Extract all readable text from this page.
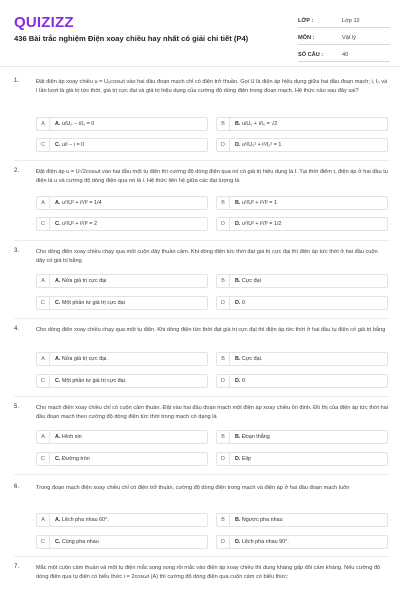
QUIZIZZ
436 Bài trắc nghiệm Điện xoay chiều hay nhất có giải chi tiết (P4)
LỚP :	Lớp 12
MÔN :	Vật lý
SỐ CÂU :	40
1.	Đặt điện áp xoay chiều u = U₀cosωt vào hai đầu đoạn mạch chỉ có điện trở thuần. Gọi U là điện áp hiệu dụng giữa hai đầu đoạn mạch; i, I₀ và I lần lượt là giá trị tức thời, giá trị cực đại và giá trị hiệu dụng của cường độ dòng điện trong đoạn mạch. Hệ thức nào sau đây sai?
A	A. u/U₀ − i/I₀ = 0	B	B. u/U₀ + i/I₀ = √2
C	C. u/i − i = 0	D	D. u²/U₀² + i²/I₀² = 1
2.	Đặt điện áp u = U√2cosωt vào hai đầu một tụ điện thì cường độ dòng điện qua nó có giá trị hiệu dụng là I. Tại thời điểm t, điện áp ở hai đầu tụ điện là u và cường độ dòng điện qua nó là i. Hệ thức liên hệ giữa các đại lượng là
A	A. u²/U² + i²/I² = 1/4	B	B. u²/U² + i²/I² = 1
C	C. u²/U² + i²/I² = 2	D	D. u²/U² + i²/I² = 1/2
3.	Cho dòng điện xoay chiều chạy qua một cuộn dây thuần cảm. Khi dòng điện tức thời đạt giá trị cực đại thì điện áp tức thời ở hai đầu cuộn dây có giá trị bằng
A	A. Nửa giá trị cực đại	B	B. Cực đại
C	C. Một phần tư giá trị cực đại	D	D. 0
4.	Cho dòng điện xoay chiều chạy qua một tụ điện. Khi dòng điện tức thời đạt giá trị cực đại thì điện áp tức thời ở hai đầu tụ điện có giá trị bằng
A	A. Nửa giá trị cực đại.	B	B. Cực đại.
C	C. Một phần tư giá trị cực đại.	D	D. 0
5.	Cho mạch điện xoay chiều chỉ có cuộn cảm thuần. Đặt vào hai đầu đoạn mạch một điện áp xoay chiều ổn định. Đồ thị của điện áp tức thời hai đầu đoạn mạch theo cường độ dòng điện tức thời trong mạch có dạng là
A	A. Hình sin	B	B. Đoạn thẳng
C	C. Đường tròn	D	D. Elip
6.	Trong đoạn mạch điện xoay chiều chỉ có điện trở thuần, cường độ dòng điện trong mạch và điện áp ở hai đầu đoạn mạch luôn
A	A. Lệch pha nhau 60°.	B	B. Ngược pha nhau
C	C. Cùng pha nhau	D	D. Lệch pha nhau 90°.
7.	Mắc một cuộn cảm thuần và một tụ điện mắc song song rồi mắc vào điện áp xoay chiều thì dung kháng gấp đôi cảm kháng. Nếu cường độ dòng điện qua tụ điện có biểu thức i = 2cosωt (A) thì cường độ dòng điện qua cuộn cảm có biểu thức:
